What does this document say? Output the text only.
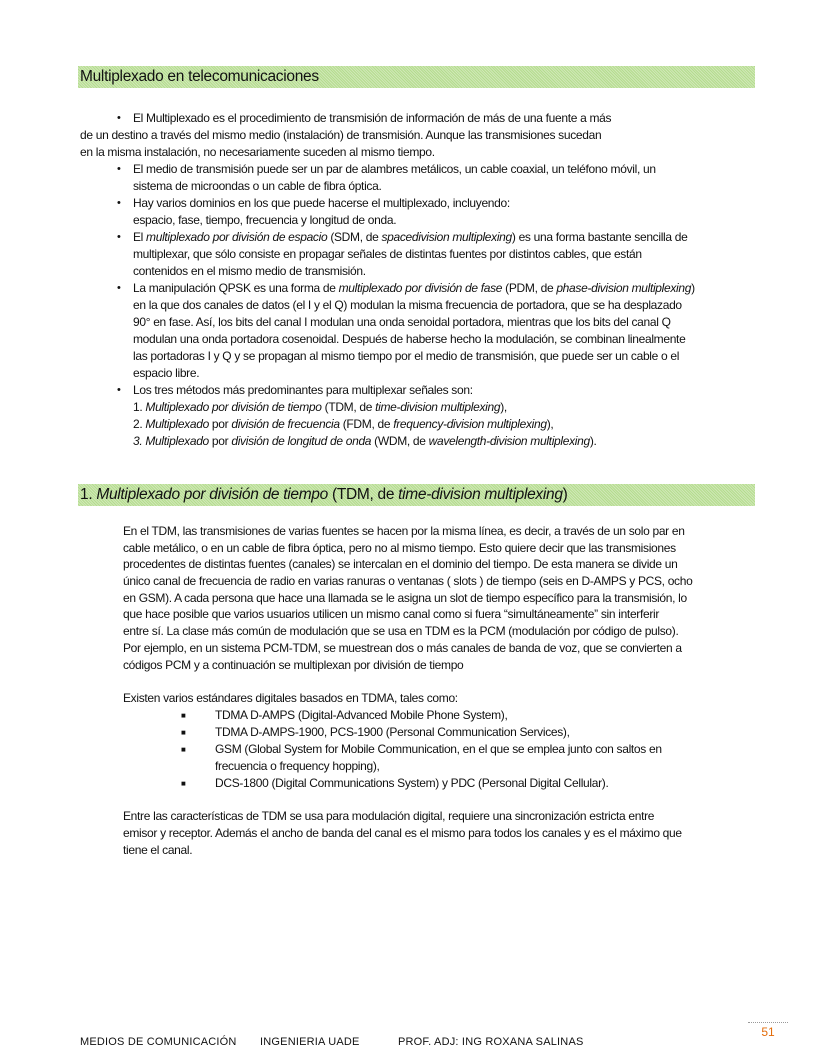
Multiplexado en telecomunicaciones
• El Multiplexado es el procedimiento de transmisión de información de más de una fuente a más
de un destino a través del mismo medio (instalación) de transmisión. Aunque las transmisiones sucedan
en la misma instalación, no necesariamente suceden al mismo tiempo.
• El medio de transmisión puede ser un par de alambres metálicos, un cable coaxial, un teléfono móvil, un
sistema de microondas o un cable de fibra óptica.
• Hay varios dominios en los que puede hacerse el multiplexado, incluyendo:
espacio, fase, tiempo, frecuencia y longitud de onda.
• El multiplexado por división de espacio (SDM, de spacedivision multiplexing) es una forma bastante sencilla de
multiplexar, que sólo consiste en propagar señales de distintas fuentes por distintos cables, que están
contenidos en el mismo medio de transmisión.
• La manipulación QPSK es una forma de multiplexado por división de fase (PDM, de phase-division multiplexing)
en la que dos canales de datos (el I y el Q) modulan la misma frecuencia de portadora, que se ha desplazado
90° en fase. Así, los bits del canal I modulan una onda senoidal portadora, mientras que los bits del canal Q
modulan una onda portadora cosenoidal. Después de haberse hecho la modulación, se combinan linealmente
las portadoras I y Q y se propagan al mismo tiempo por el medio de transmisión, que puede ser un cable o el
espacio libre.
• Los tres métodos más predominantes para multiplexar señales son:
1. Multiplexado por división de tiempo (TDM, de time-division multiplexing),
2. Multiplexado por división de frecuencia (FDM, de frequency-division multiplexing),
3. Multiplexado por división de longitud de onda (WDM, de wavelength-division multiplexing).
1. Multiplexado por división de tiempo (TDM, de time-division multiplexing)
En el TDM, las transmisiones de varias fuentes se hacen por la misma línea, es decir, a través de un solo par en
cable metálico, o en un cable de fibra óptica, pero no al mismo tiempo. Esto quiere decir que las transmisiones
procedentes de distintas fuentes (canales) se intercalan en el dominio del tiempo. De esta manera se divide un
único canal de frecuencia de radio en varias ranuras o ventanas ( slots ) de tiempo (seis en D-AMPS y PCS, ocho
en GSM). A cada persona que hace una llamada se le asigna un slot de tiempo específico para la transmisión, lo
que hace posible que varios usuarios utilicen un mismo canal como si fuera “simultáneamente” sin interferir
entre sí. La clase más común de modulación que se usa en TDM es la PCM (modulación por código de pulso).
Por ejemplo, en un sistema PCM-TDM, se muestrean dos o más canales de banda de voz, que se convierten a
códigos PCM y a continuación se multiplexan por división de tiempo
Existen varios estándares digitales basados en TDMA, tales como:
■ TDMA D-AMPS (Digital-Advanced Mobile Phone System),
■ TDMA D-AMPS-1900, PCS-1900 (Personal Communication Services),
■ GSM (Global System for Mobile Communication, en el que se emplea junto con saltos en
frecuencia o frequency hopping),
■ DCS-1800 (Digital Communications System) y PDC (Personal Digital Cellular).
Entre las características de TDM se usa para modulación digital, requiere una sincronización estricta entre
emisor y receptor. Además el ancho de banda del canal es el mismo para todos los canales y es el máximo que
tiene el canal.
MEDIOS DE COMUNICACIÓN INGENIERIA UADE	PROF. ADJ: ING ROXANA SALINAS
51
